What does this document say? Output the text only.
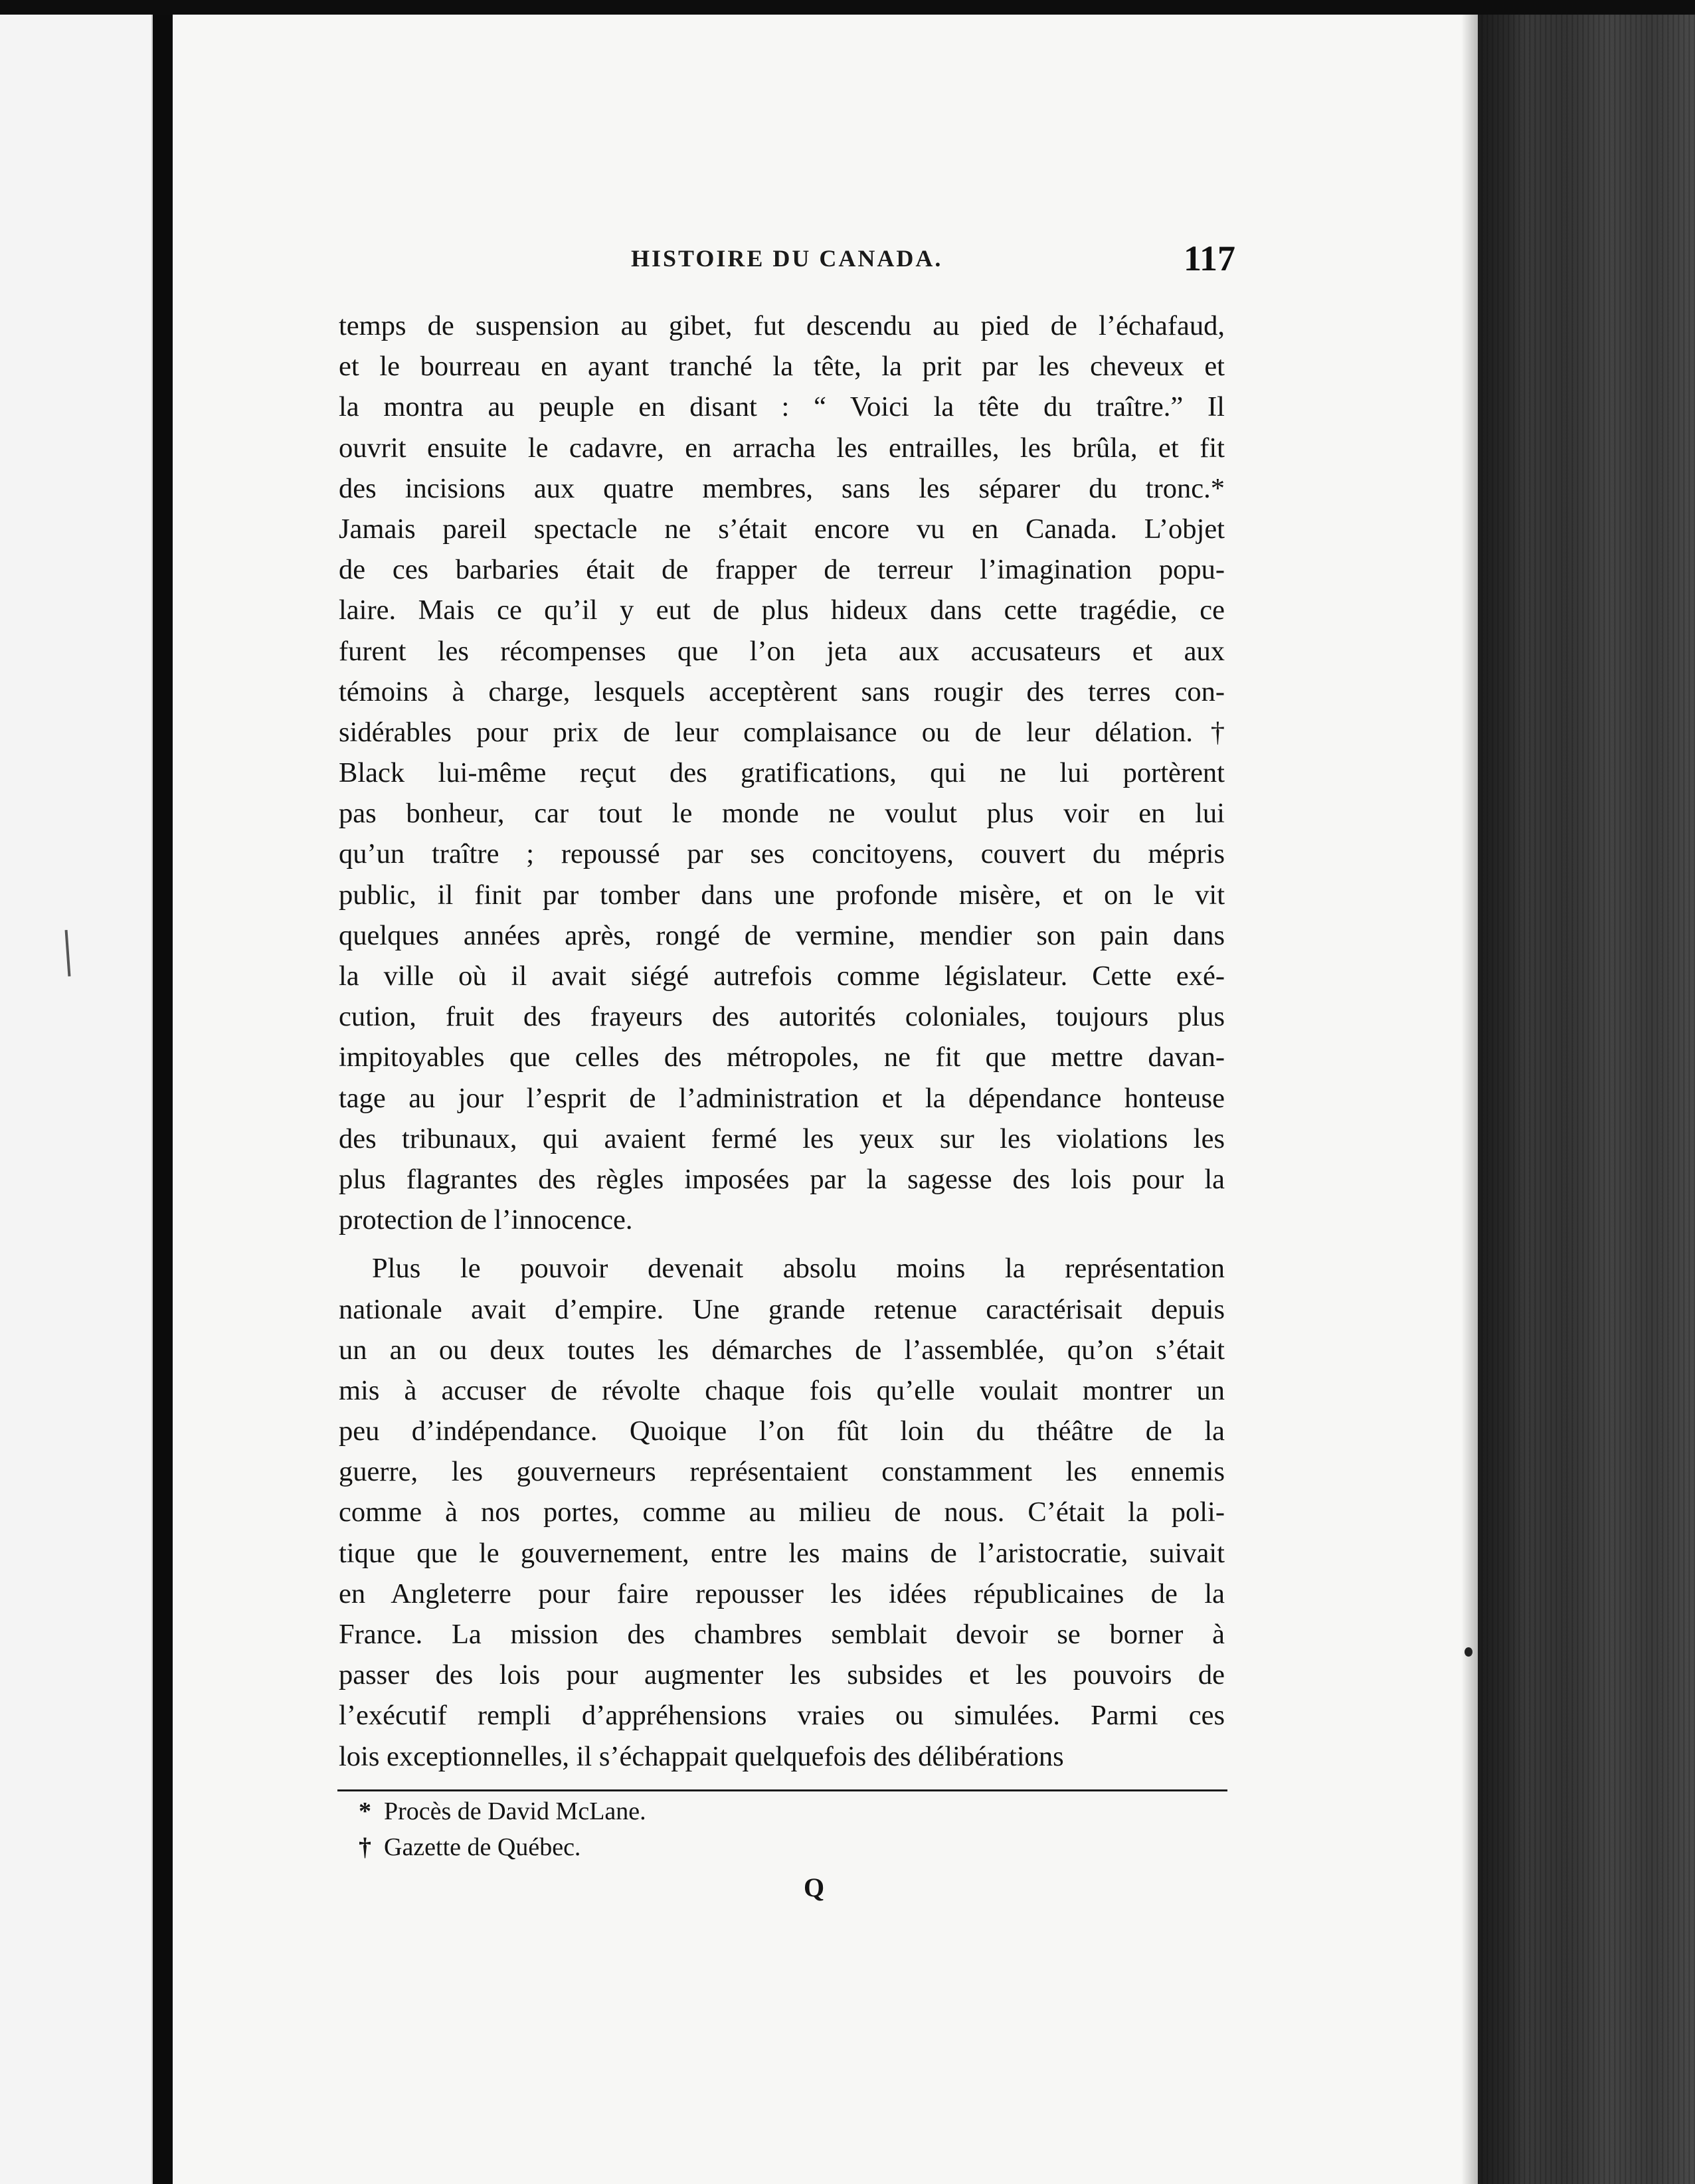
HISTOIRE DU CANADA.	117
temps de suspension au gibet, fut descendu au pied de l’échafaud,
et le bourreau en ayant tranché la tête, la prit par les cheveux et
la montra au peuple en disant : “ Voici la tête du traître.” Il
ouvrit ensuite le cadavre, en arracha les entrailles, les brûla, et fit
des incisions aux quatre membres, sans les séparer du tronc.*
Jamais pareil spectacle ne s’était encore vu en Canada. L’objet
de ces barbaries était de frapper de terreur l’imagination popu-
laire. Mais ce qu’il y eut de plus hideux dans cette tragédie, ce
furent les récompenses que l’on jeta aux accusateurs et aux
témoins à charge, lesquels acceptèrent sans rougir des terres con-
sidérables pour prix de leur complaisance ou de leur délation.†
Black lui-même reçut des gratifications, qui ne lui portèrent
pas bonheur, car tout le monde ne voulut plus voir en lui
qu’un traître ; repoussé par ses concitoyens, couvert du mépris
public, il finit par tomber dans une profonde misère, et on le vit
quelques années après, rongé de vermine, mendier son pain dans
la ville où il avait siégé autrefois comme législateur. Cette exé-
cution, fruit des frayeurs des autorités coloniales, toujours plus
impitoyables que celles des métropoles, ne fit que mettre davan-
tage au jour l’esprit de l’administration et la dépendance honteuse
des tribunaux, qui avaient fermé les yeux sur les violations les
plus flagrantes des règles imposées par la sagesse des lois pour la
protection de l’innocence.
Plus le pouvoir devenait absolu moins la représentation
nationale avait d’empire. Une grande retenue caractérisait depuis
un an ou deux toutes les démarches de l’assemblée, qu’on s’était
mis à accuser de révolte chaque fois qu’elle voulait montrer un
peu d’indépendance. Quoique l’on fût loin du théâtre de la
guerre, les gouverneurs représentaient constamment les ennemis
comme à nos portes, comme au milieu de nous. C’était la poli-
tique que le gouvernement, entre les mains de l’aristocratie, suivait
en Angleterre pour faire repousser les idées républicaines de la
France. La mission des chambres semblait devoir se borner à
passer des lois pour augmenter les subsides et les pouvoirs de
l’exécutif rempli d’appréhensions vraies ou simulées. Parmi ces
lois exceptionnelles, il s’échappait quelquefois des délibérations
* Procès de David McLane.
† Gazette de Québec.
Q
